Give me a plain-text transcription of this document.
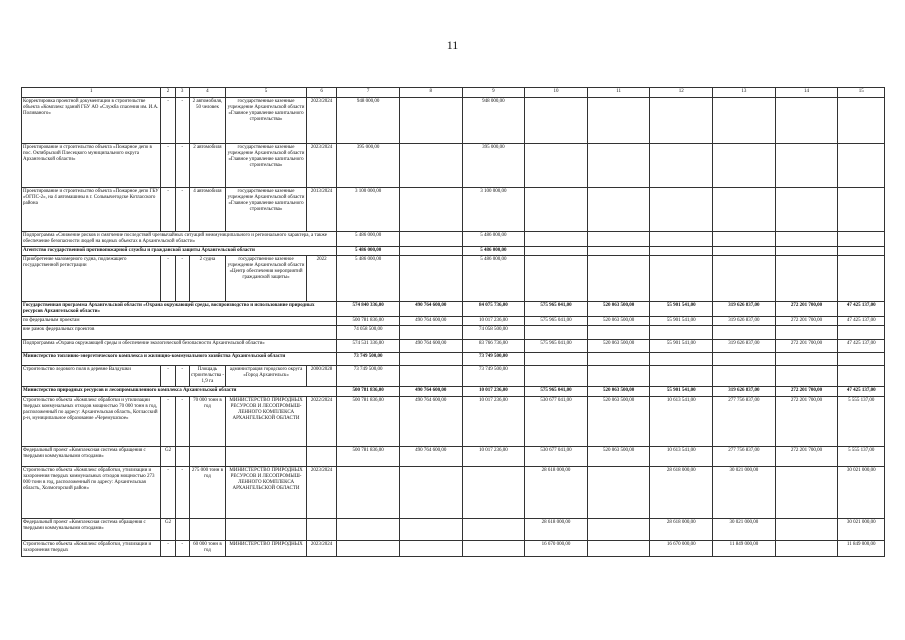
11
1	2	3	4	5	6	7	8	9	10	11	12	13	14	15
Корректировка проектной документации в строительстве объекта «Комплекс зданий ГБУ АО «Служба спасения им. И.А. Поливаного»	-	-	2 автомобиля, 50 человек	государственные казенные учреждение Архангельской области «Главное управление капитального строительства»	2023/2024	948 000,00		948 000,00						
Проектирование и строительство объекта «Пожарное депо в пос. Октябрьский Плесецкого муниципального округа Архангельской области»	-	-	2 автомобиля	государственные казенные учреждение Архангельской области «Главное управление капитального строительства»	2023/2024	395 000,00		395 000,00						
Проектирование и строительство объекта «Пожарное депо ГБУ «ОГПС-2», на 4 автомашины в г. Сольвычегодске Котласского района	-	-	4 автомобиля	государственные казенные учреждение Архангельской области «Главное управление капитального строительства»	2013/2024	3 100 000,00		3 100 000,00						
Подпрограмма «Снижение рисков и смягчение последствий чрезвычайных ситуаций межмуниципального и регионального характера, а также обеспечение безопасности людей на водных объектах в Архангельской области»						5 486 000,00		5 486 000,00						
Агентство государственной противопожарной службы и гражданской защиты Архангельской области						5 486 000,00		5 486 000,00						
Приобретение маломерного судна, подлежащего государственной регистрации	-	-	2 судна	государственное казенное учреждение Архангельской области «Центр обеспечения мероприятий гражданской защиты»	2022	5 486 000,00		5 486 000,00						
Государственная программа Архангельской области «Охрана окружающей среды, воспроизводство и использование природных ресурсов Архангельской области»						574 840 336,00	490 764 600,00	84 075 736,00	575 965 041,00	520 063 500,00	55 901 541,00	319 626 837,00	272 201 700,00	47 425 137,00
по федеральным проектам						500 781 836,00	490 764 600,00	10 017 236,00	575 965 041,00	520 063 500,00	55 901 541,00	319 626 837,00	272 201 700,00	47 425 137,00
вне рамок федеральных проектов						74 058 500,00		74 058 500,00						
Подпрограмма «Охрана окружающей среды и обеспечение экологической безопасности Архангельской области»						574 531 336,00	490 764 600,00	83 766 736,00	575 965 041,00	520 063 500,00	55 901 541,00	319 626 837,00	272 201 700,00	47 425 137,00
Министерство топливно-энергетического комплекса и жилищно-коммунального хозяйства Архангельской области						73 749 500,00		73 749 500,00						
Строительство ледового поля в деревне Валдушки	-	-	Площадь строительства - 1,9 га	администрация городского округа «Город Архангельск»	2000/2028	73 749 500,00		73 749 500,00						
Министерство природных ресурсов и лесопромышленного комплекса Архангельской области						500 781 836,00	490 764 600,00	10 017 236,00	575 965 041,00	520 063 500,00	55 901 541,00	319 626 837,00	272 201 700,00	47 425 137,00
Строительство объекта «Комплекс обработки и утилизации твердых коммунальных отходов мощностью 70 000 тонн в год, расположенный по адресу: Архангельская область, Котласский р-н, муниципальное образование «Черемушское»	-	-	70 000 тонн в год	МИНИСТЕРСТВО ПРИРОДНЫХ РЕСУРСОВ И ЛЕСОПРОМЫШ-ЛЕННОГО КОМПЛЕКСА АРХАНГЕЛЬСКОЙ ОБЛАСТИ	2022/2024	500 781 836,00	490 764 600,00	10 017 236,00	530 677 041,00	520 063 500,00	10 613 541,00	277 756 837,00	272 201 700,00	5 555 137,00
Федеральный проект «Комплексная система обращения с твердыми коммунальными отходами»	G2					500 781 836,00	490 764 600,00	10 017 236,00	530 677 041,00	520 063 500,00	10 613 541,00	277 756 837,00	272 201 700,00	5 555 137,00
Строительство объекта «Комплекс обработки, утилизации и захоронения твердых коммунальных отходов мощностью 273 000 тонн в год, расположенный по адресу: Архангельская область, Холмогорский район»	-	-	275 000 тонн в год	МИНИСТЕРСТВО ПРИРОДНЫХ РЕСУРСОВ И ЛЕСОПРОМЫШ-ЛЕННОГО КОМПЛЕКСА АРХАНГЕЛЬСКОЙ ОБЛАСТИ	2023/2024				28 618 000,00		28 618 000,00	30 021 000,00		30 021 000,00
Федеральный проект «Комплексная система обращения с твердыми коммунальными отходами»	G2								28 618 000,00		28 618 000,00	30 021 000,00		30 021 000,00
Строительство объекта «Комплекс обработки, утилизации и захоронения твердых	-	-	60 000 тонн в год	МИНИСТЕРСТВО ПРИРОДНЫХ	2023/2024				16 670 000,00		16 670 000,00	11 849 000,00		11 849 000,00
